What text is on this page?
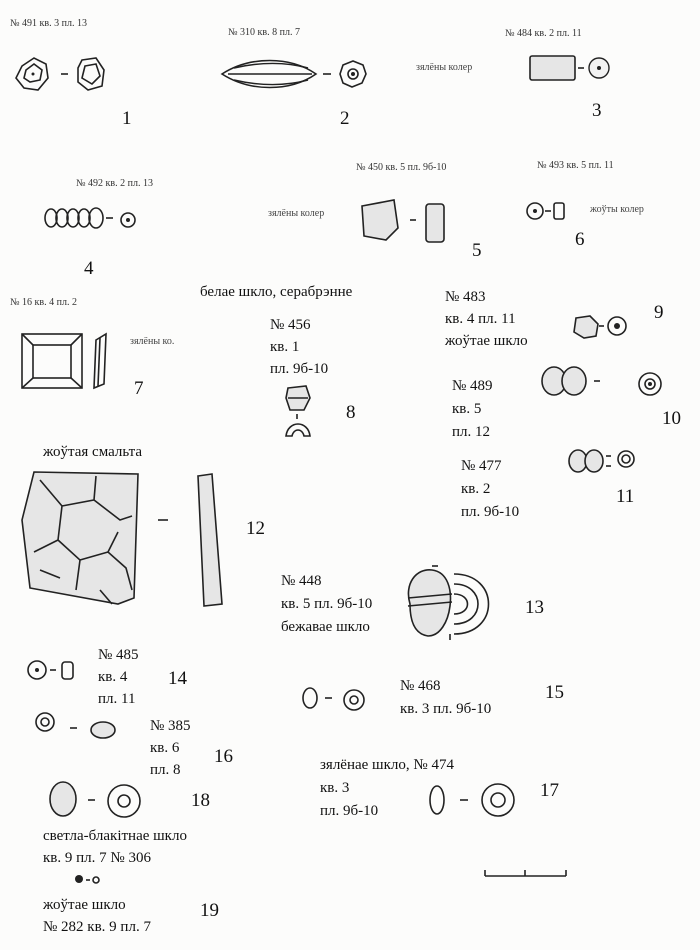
№ 491 кв. 3 пл. 13
1
№ 310 кв. 8 пл. 7
2
№ 484 кв. 2 пл. 11
зялёны колер
3
№ 492 кв. 2 пл. 13
4
№ 450 кв. 5 пл. 9б-10
зялёны колер
5
№ 493 кв. 5 пл. 11
жоўты колер
6
№ 16 кв. 4 пл. 2
зялёны ко.
7
белае шкло, серабрэнне
№ 456
кв. 1
пл. 9б-10
8
№ 483
кв. 4 пл. 11
жоўтае шкло
9
№ 489
кв. 5
пл. 12
10
№ 477
кв. 2
пл. 9б-10
11
жоўтая смальта
12
№ 448
кв. 5 пл. 9б-10
бежавае шкло
13
№ 485
кв. 4
пл. 11
14	№ 468
кв. 3 пл. 9б-10
15
№ 385
кв. 6
пл. 8
16	зялёнае шкло, № 474
кв. 3
пл. 9б-10
17
светла-блакітнае шкло
кв. 9 пл. 7 № 306
18
жоўтае шкло
№ 282 кв. 9 пл. 7
19
